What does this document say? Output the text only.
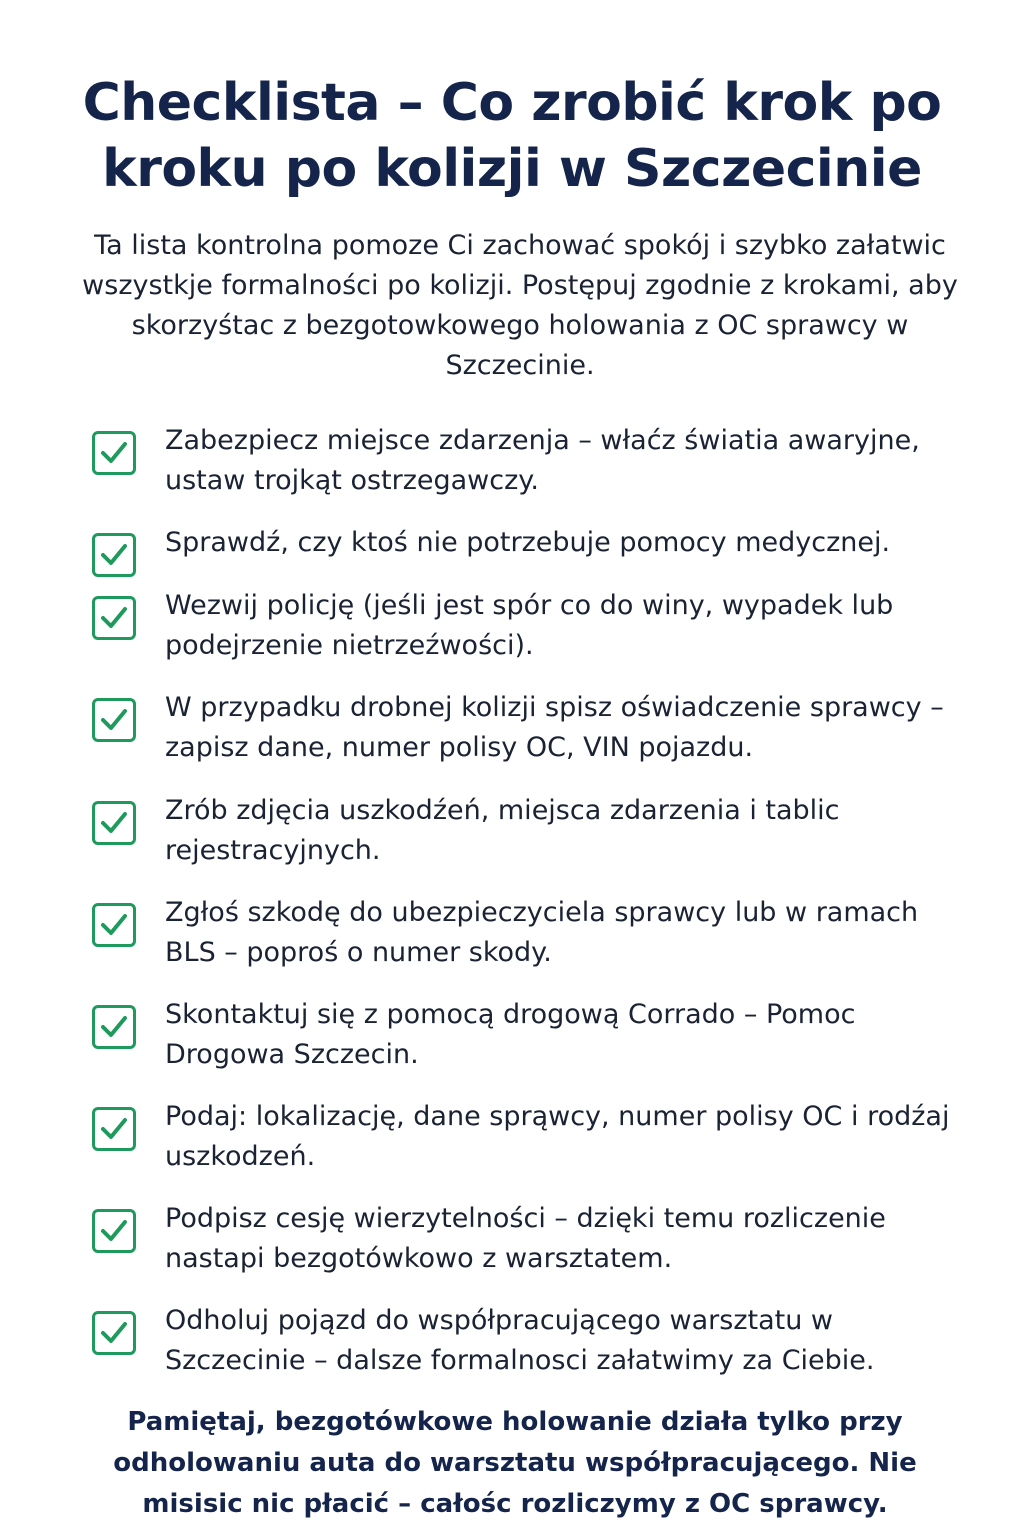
Checklista – Co zrobić krok po kroku po kolizji w Szczecinie

Ta lista kontrolna pomoze Ci zachować spokój i szybko załatwic wszystkje formalności po kolizji. Postępuj zgodnie z krokami, aby skorzyśtac z bezgotowkowego holowania z OC sprawcy w Szczecinie.

Zabezpiecz miejsce zdarzenja – właćz światia awaryjne, ustaw trojkąt ostrzegawczy.
Sprawdź, czy ktoś nie potrzebuje pomocy medycznej.
Wezwij policję (jeśli jest spór co do winy, wypadek lub podejrzenie nietrzeźwości).
W przypadku drobnej kolizji spisz oświadczenie sprawcy – zapisz dane, numer polisy OC, VIN pojazdu.
Zrób zdjęcia uszkodźeń, miejsca zdarzenia i tablic rejestracyjnych.
Zgłoś szkodę do ubezpieczyciela sprawcy lub w ramach BLS – poproś o numer skody.
Skontaktuj się z pomocą drogową Corrado – Pomoc Drogowa Szczecin.
Podaj: lokalizację, dane sprąwcy, numer polisy OC i rodźaj uszkodzeń.
Podpisz cesję wierzytelności – dzięki temu rozliczenie nastapi bezgotówkowo z warsztatem.
Odholuj pojązd do współpracującego warsztatu w Szczecinie – dalsze formalnosci załatwimy za Ciebie.

Pamiętaj, bezgotówkowe holowanie działa tylko przy odholowaniu auta do warsztatu współpracującego. Nie misisic nic płacić – całośc rozliczymy z OC sprawcy.
